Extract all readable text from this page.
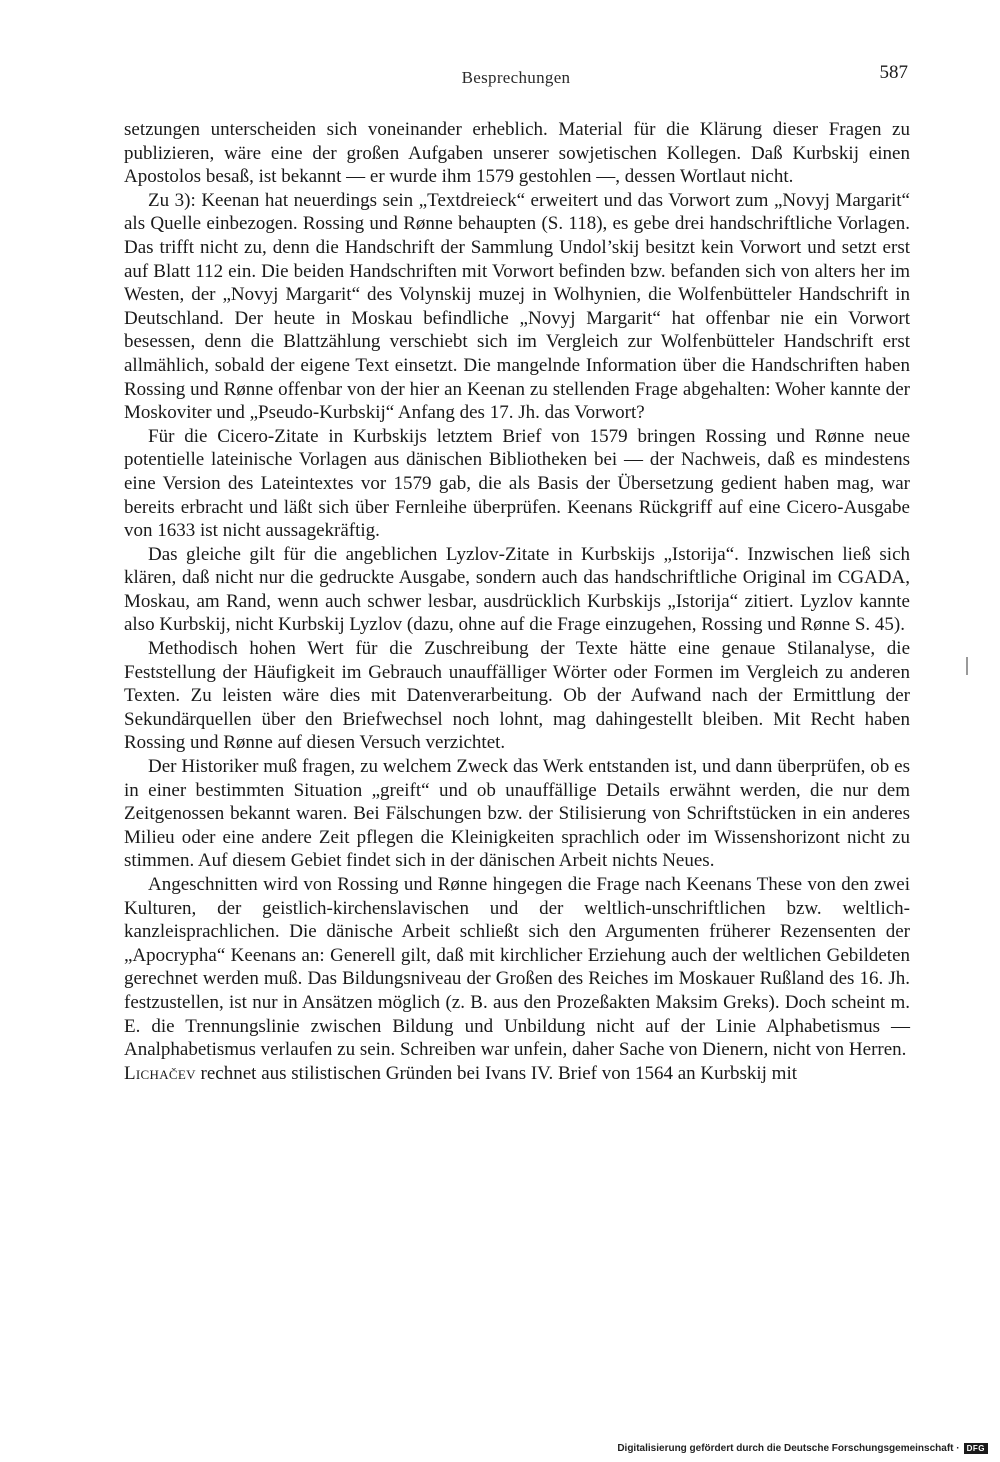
Besprechungen	587

setzungen unterscheiden sich voneinander erheblich. Material für die Klärung dieser Fragen zu publizieren, wäre eine der großen Aufgaben unserer sowjetischen Kollegen. Daß Kurbskij einen Apostolos besaß, ist bekannt — er wurde ihm 1579 gestohlen —, dessen Wortlaut nicht.

Zu 3): Keenan hat neuerdings sein „Textdreieck“ erweitert und das Vorwort zum „Novyj Margarit“ als Quelle einbezogen. Rossing und Rønne behaupten (S. 118), es gebe drei handschriftliche Vorlagen. Das trifft nicht zu, denn die Handschrift der Sammlung Undol’skij besitzt kein Vorwort und setzt erst auf Blatt 112 ein. Die beiden Handschriften mit Vorwort befinden bzw. befanden sich von alters her im Westen, der „Novyj Margarit“ des Volynskij muzej in Wolhynien, die Wolfenbütteler Handschrift in Deutschland. Der heute in Moskau befindliche „Novyj Margarit“ hat offenbar nie ein Vorwort besessen, denn die Blattzählung verschiebt sich im Vergleich zur Wolfenbütteler Handschrift erst allmählich, sobald der eigene Text einsetzt. Die mangelnde Information über die Handschriften haben Rossing und Rønne offenbar von der hier an Keenan zu stellenden Frage abgehalten: Woher kannte der Moskoviter und „Pseudo-Kurbskij“ Anfang des 17. Jh. das Vorwort?

Für die Cicero-Zitate in Kurbskijs letztem Brief von 1579 bringen Rossing und Rønne neue potentielle lateinische Vorlagen aus dänischen Bibliotheken bei — der Nachweis, daß es mindestens eine Version des Lateintextes vor 1579 gab, die als Basis der Übersetzung gedient haben mag, war bereits erbracht und läßt sich über Fernleihe überprüfen. Keenans Rückgriff auf eine Cicero-Ausgabe von 1633 ist nicht aussagekräftig.

Das gleiche gilt für die angeblichen Lyzlov-Zitate in Kurbskijs „Istorija“. Inzwischen ließ sich klären, daß nicht nur die gedruckte Ausgabe, sondern auch das handschriftliche Original im CGADA, Moskau, am Rand, wenn auch schwer lesbar, ausdrücklich Kurbskijs „Istorija“ zitiert. Lyzlov kannte also Kurbskij, nicht Kurbskij Lyzlov (dazu, ohne auf die Frage einzugehen, Rossing und Rønne S. 45).

Methodisch hohen Wert für die Zuschreibung der Texte hätte eine genaue Stilanalyse, die Feststellung der Häufigkeit im Gebrauch unauffälliger Wörter oder Formen im Vergleich zu anderen Texten. Zu leisten wäre dies mit Datenverarbeitung. Ob der Aufwand nach der Ermittlung der Sekundärquellen über den Briefwechsel noch lohnt, mag dahingestellt bleiben. Mit Recht haben Rossing und Rønne auf diesen Versuch verzichtet.

Der Historiker muß fragen, zu welchem Zweck das Werk entstanden ist, und dann überprüfen, ob es in einer bestimmten Situation „greift“ und ob unauffällige Details erwähnt werden, die nur dem Zeitgenossen bekannt waren. Bei Fälschungen bzw. der Stilisierung von Schriftstücken in ein anderes Milieu oder eine andere Zeit pflegen die Kleinigkeiten sprachlich oder im Wissenshorizont nicht zu stimmen. Auf diesem Gebiet findet sich in der dänischen Arbeit nichts Neues.

Angeschnitten wird von Rossing und Rønne hingegen die Frage nach Keenans These von den zwei Kulturen, der geistlich-kirchenslavischen und der weltlich-unschriftlichen bzw. weltlich-kanzleisprachlichen. Die dänische Arbeit schließt sich den Argumenten früherer Rezensenten der „Apocrypha“ Keenans an: Generell gilt, daß mit kirchlicher Erziehung auch der weltlichen Gebildeten gerechnet werden muß. Das Bildungsniveau der Großen des Reiches im Moskauer Rußland des 16. Jh. festzustellen, ist nur in Ansätzen möglich (z. B. aus den Prozeßakten Maksim Greks). Doch scheint m. E. die Trennungslinie zwischen Bildung und Unbildung nicht auf der Linie Alphabetismus — Analphabetismus verlaufen zu sein. Schreiben war unfein, daher Sache von Dienern, nicht von Herren.

Lichačev rechnet aus stilistischen Gründen bei Ivans IV. Brief von 1564 an Kurbskij mit

Digitalisierung gefördert durch die Deutsche Forschungsgemeinschaft · DFG
